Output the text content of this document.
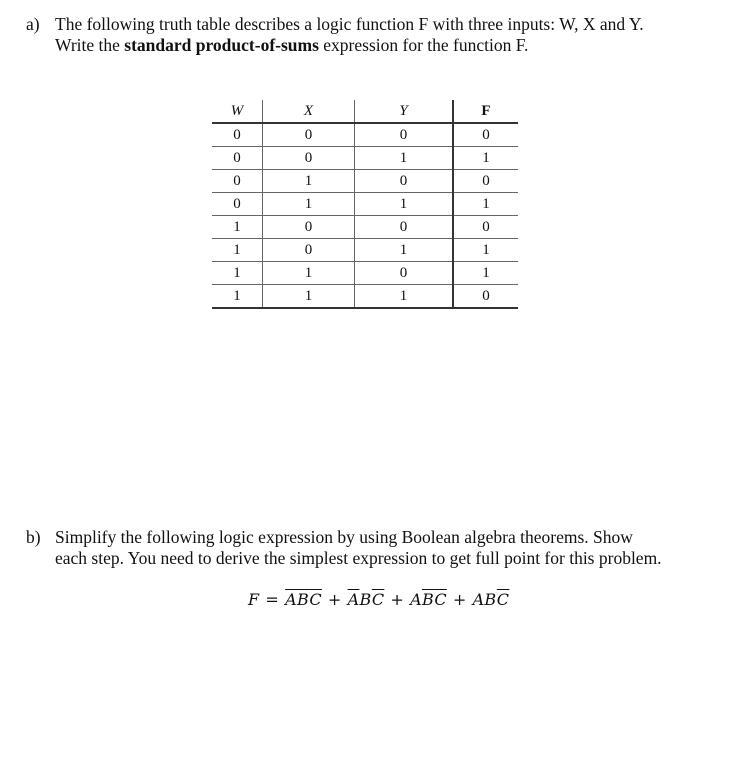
a) The following truth table describes a logic function F with three inputs: W, X and Y.

Write the standard product-of-sums expression for the function F.

W	X	Y	F
0	0	0	0
0	0	1	1
0	1	0	0
0	1	1	1
1	0	0	0
1	0	1	1
1	1	0	1
1	1	1	0
b) Simplify the following logic expression by using Boolean algebra theorems. Show

each step. You need to derive the simplest expression to get full point for this problem.

$F = \overline{A}\overline{B}\overline{C} + \overline{A}B\overline{C} + A\overline{B}\overline{C} + AB\overline{C}$
